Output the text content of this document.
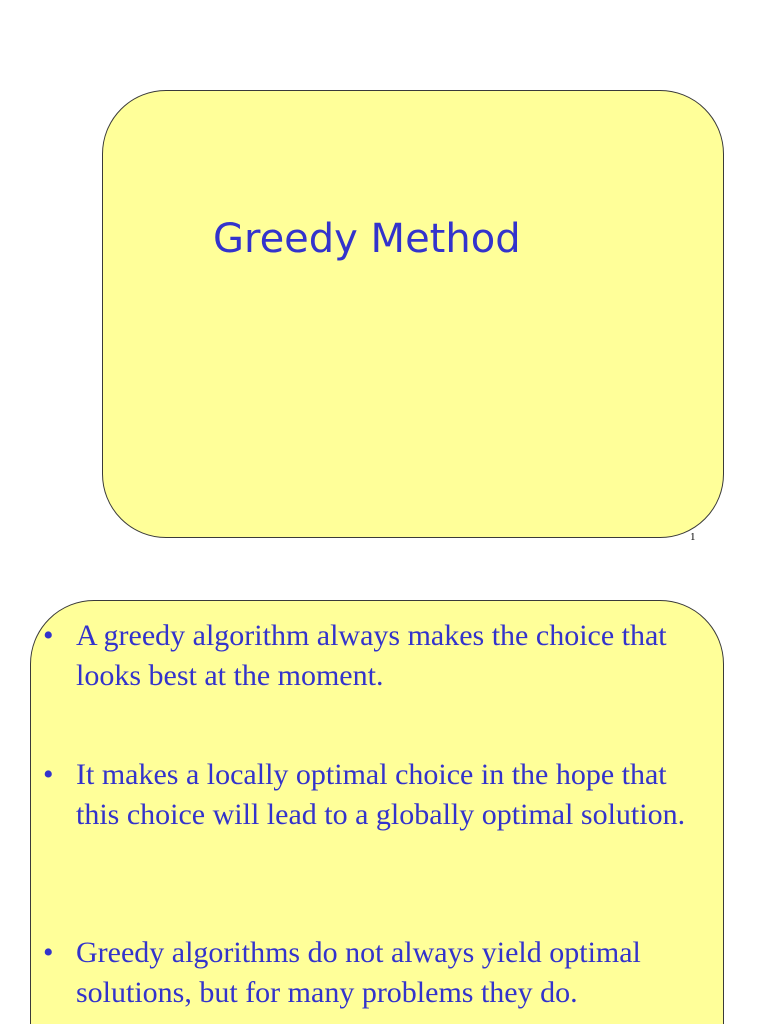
Greedy Method
1
• A greedy algorithm always makes the choice that looks best at the moment.
• It makes a locally optimal choice in the hope that this choice will lead to a globally optimal solution.
• Greedy algorithms do not always yield optimal solutions, but for many problems they do.
